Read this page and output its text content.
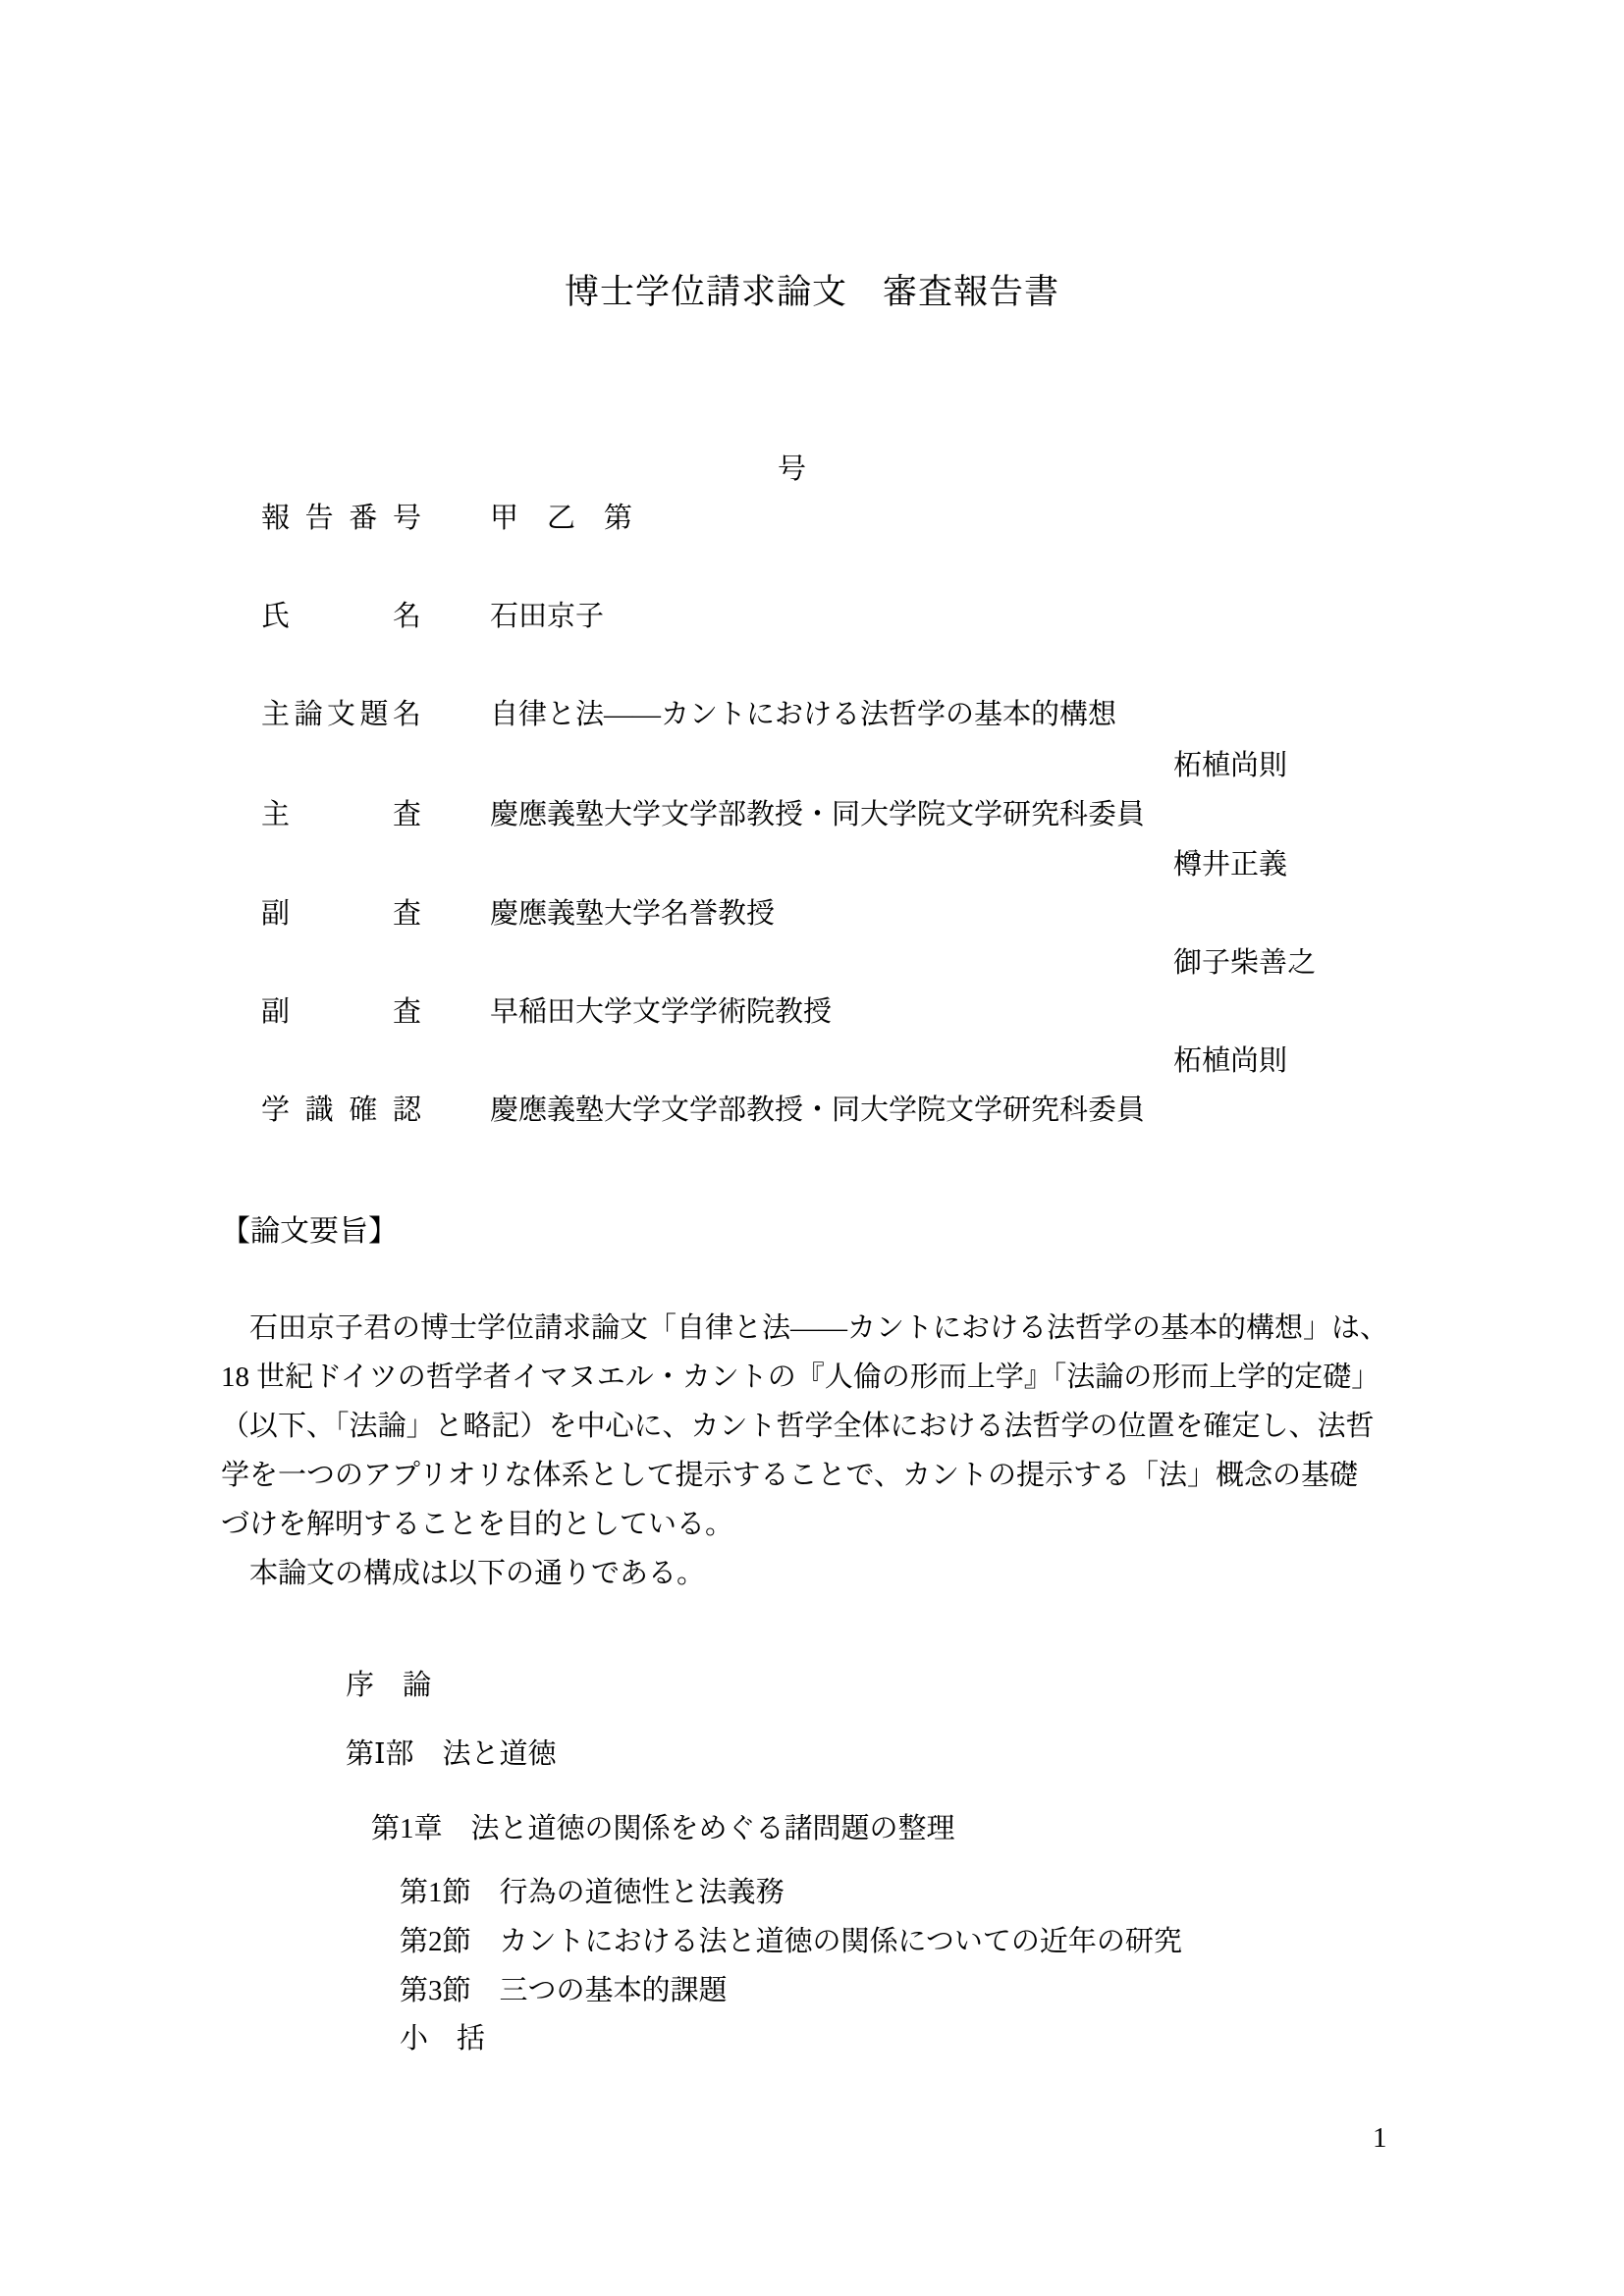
博士学位請求論文　審査報告書

報告番号 甲　乙　第
号

氏名 石田京子

主論文題名 自律と法――カントにおける法哲学の基本的構想

主査 慶應義塾大学文学部教授・同大学院文学研究科委員
柘植尚則

副査 慶應義塾大学名誉教授
樽井正義

副査 早稲田大学文学学術院教授
御子柴善之

学識確認 慶應義塾大学文学部教授・同大学院文学研究科委員
柘植尚則

【論文要旨】
石田京子君の博士学位請求論文「自律と法――カントにおける法哲学の基本的構想」は、
18 世紀ドイツの哲学者イマヌエル・カントの『人倫の形而上学』「法論の形而上学的定礎」
（以下、「法論」と略記）を中心に、カント哲学全体における法哲学の位置を確定し、法哲
学を一つのアプリオリな体系として提示することで、カントの提示する「法」概念の基礎
づけを解明することを目的としている。
本論文の構成は以下の通りである。
序　論
第Ⅰ部　法と道徳
第1章　法と道徳の関係をめぐる諸問題の整理
第1節　行為の道徳性と法義務
第2節　カントにおける法と道徳の関係についての近年の研究
第3節　三つの基本的課題
小　括
1
